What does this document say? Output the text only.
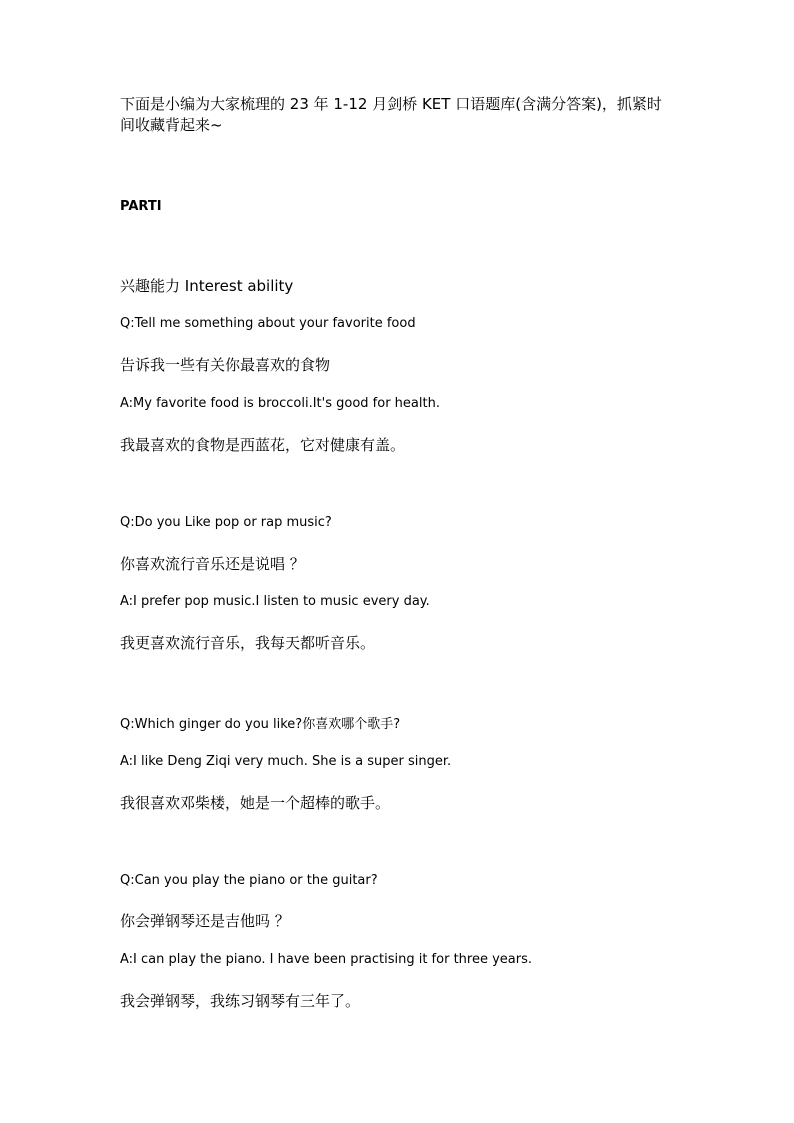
下面是小编为大家梳理的 23 年 1-12 月剑桥 KET 口语题库(含满分答案)，抓紧时
间收藏背起来~

PARTI

兴趣能力 Interest ability

Q:Tell me something about your favorite food

告诉我一些有关你最喜欢的食物

A:My favorite food is broccoli.It's good for health.

我最喜欢的食物是西蓝花，它对健康有盖。

Q:Do you Like pop or rap music?

你喜欢流行音乐还是说唱 ？

A:I prefer pop music.I listen to music every day.

我更喜欢流行音乐，我每天都听音乐。

Q:Which ginger do you like?你喜欢哪个歌手?

A:I like Deng Ziqi very much. She is a super singer.

我很喜欢邓柴楼，她是一个超棒的歌手。

Q:Can you play the piano or the guitar?

你会弹钢琴还是吉他吗 ？

A:I can play the piano. I have been practising it for three years.

我会弹钢琴，我练习钢琴有三年了。
